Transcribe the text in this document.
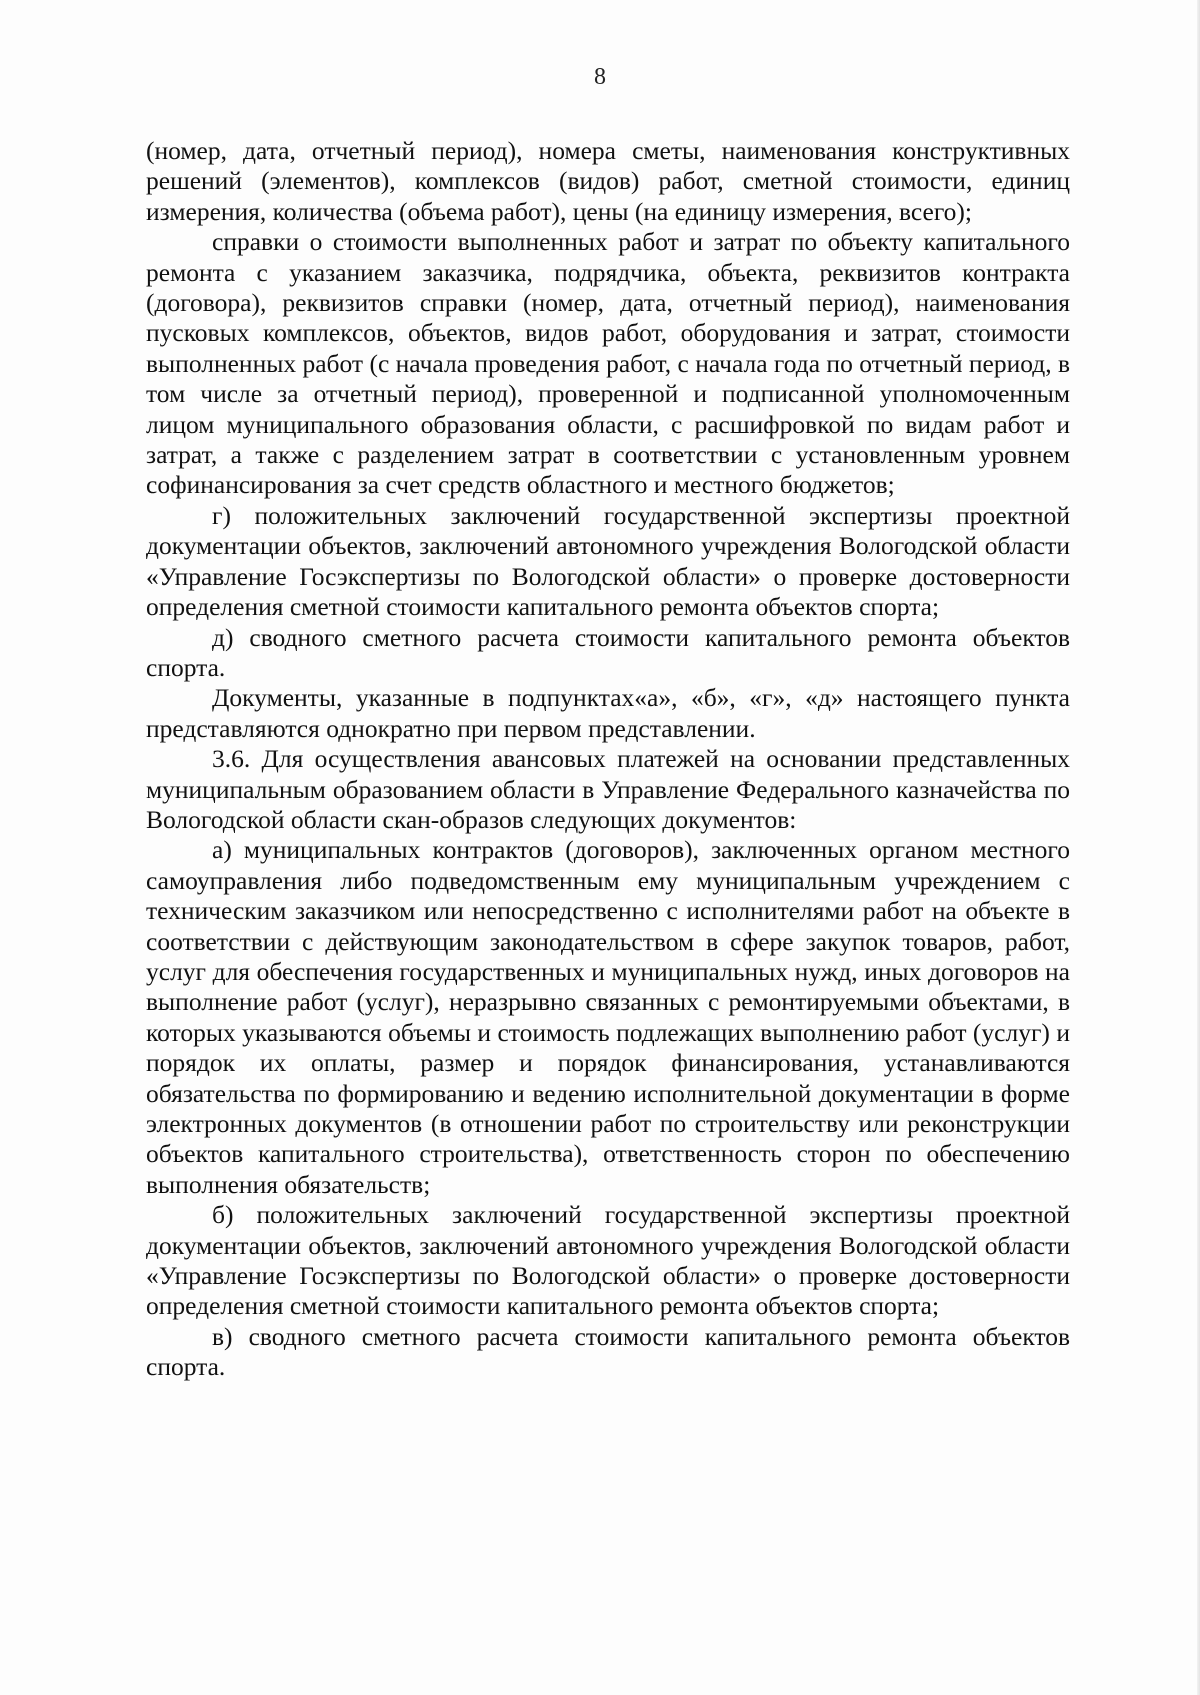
8

(номер, дата, отчетный период), номера сметы, наименования конструктивных решений (элементов), комплексов (видов) работ, сметной стоимости, единиц измерения, количества (объема работ), цены (на единицу измерения, всего);

справки о стоимости выполненных работ и затрат по объекту капитального ремонта с указанием заказчика, подрядчика, объекта, реквизитов контракта (договора), реквизитов справки (номер, дата, отчетный период), наименования пусковых комплексов, объектов, видов работ, оборудования и затрат, стоимости выполненных работ (с начала проведения работ, с начала года по отчетный период, в том числе за отчетный период), проверенной и подписанной уполномоченным лицом муниципального образования области, с расшифровкой по видам работ и затрат, а также с разделением затрат в соответствии с установленным уровнем софинансирования за счет средств областного и местного бюджетов;

г) положительных заключений государственной экспертизы проектной документации объектов, заключений автономного учреждения Вологодской области «Управление Госэкспертизы по Вологодской области» о проверке достоверности определения сметной стоимости капитального ремонта объектов спорта;

д) сводного сметного расчета стоимости капитального ремонта объектов спорта.

Документы, указанные в подпунктах«а», «б», «г», «д» настоящего пункта представляются однократно при первом представлении.

3.6. Для осуществления авансовых платежей на основании представленных муниципальным образованием области в Управление Федерального казначейства по Вологодской области скан-образов следующих документов:

а) муниципальных контрактов (договоров), заключенных органом местного самоуправления либо подведомственным ему муниципальным учреждением с техническим заказчиком или непосредственно с исполнителями работ на объекте в соответствии с действующим законодательством в сфере закупок товаров, работ, услуг для обеспечения государственных и муниципальных нужд, иных договоров на выполнение работ (услуг), неразрывно связанных с ремонтируемыми объектами, в которых указываются объемы и стоимость подлежащих выполнению работ (услуг) и порядок их оплаты, размер и порядок финансирования, устанавливаются обязательства по формированию и ведению исполнительной документации в форме электронных документов (в отношении работ по строительству или реконструкции объектов капитального строительства), ответственность сторон по обеспечению выполнения обязательств;

б) положительных заключений государственной экспертизы проектной документации объектов, заключений автономного учреждения Вологодской области «Управление Госэкспертизы по Вологодской области» о проверке достоверности определения сметной стоимости капитального ремонта объектов спорта;

в) сводного сметного расчета стоимости капитального ремонта объектов спорта.
